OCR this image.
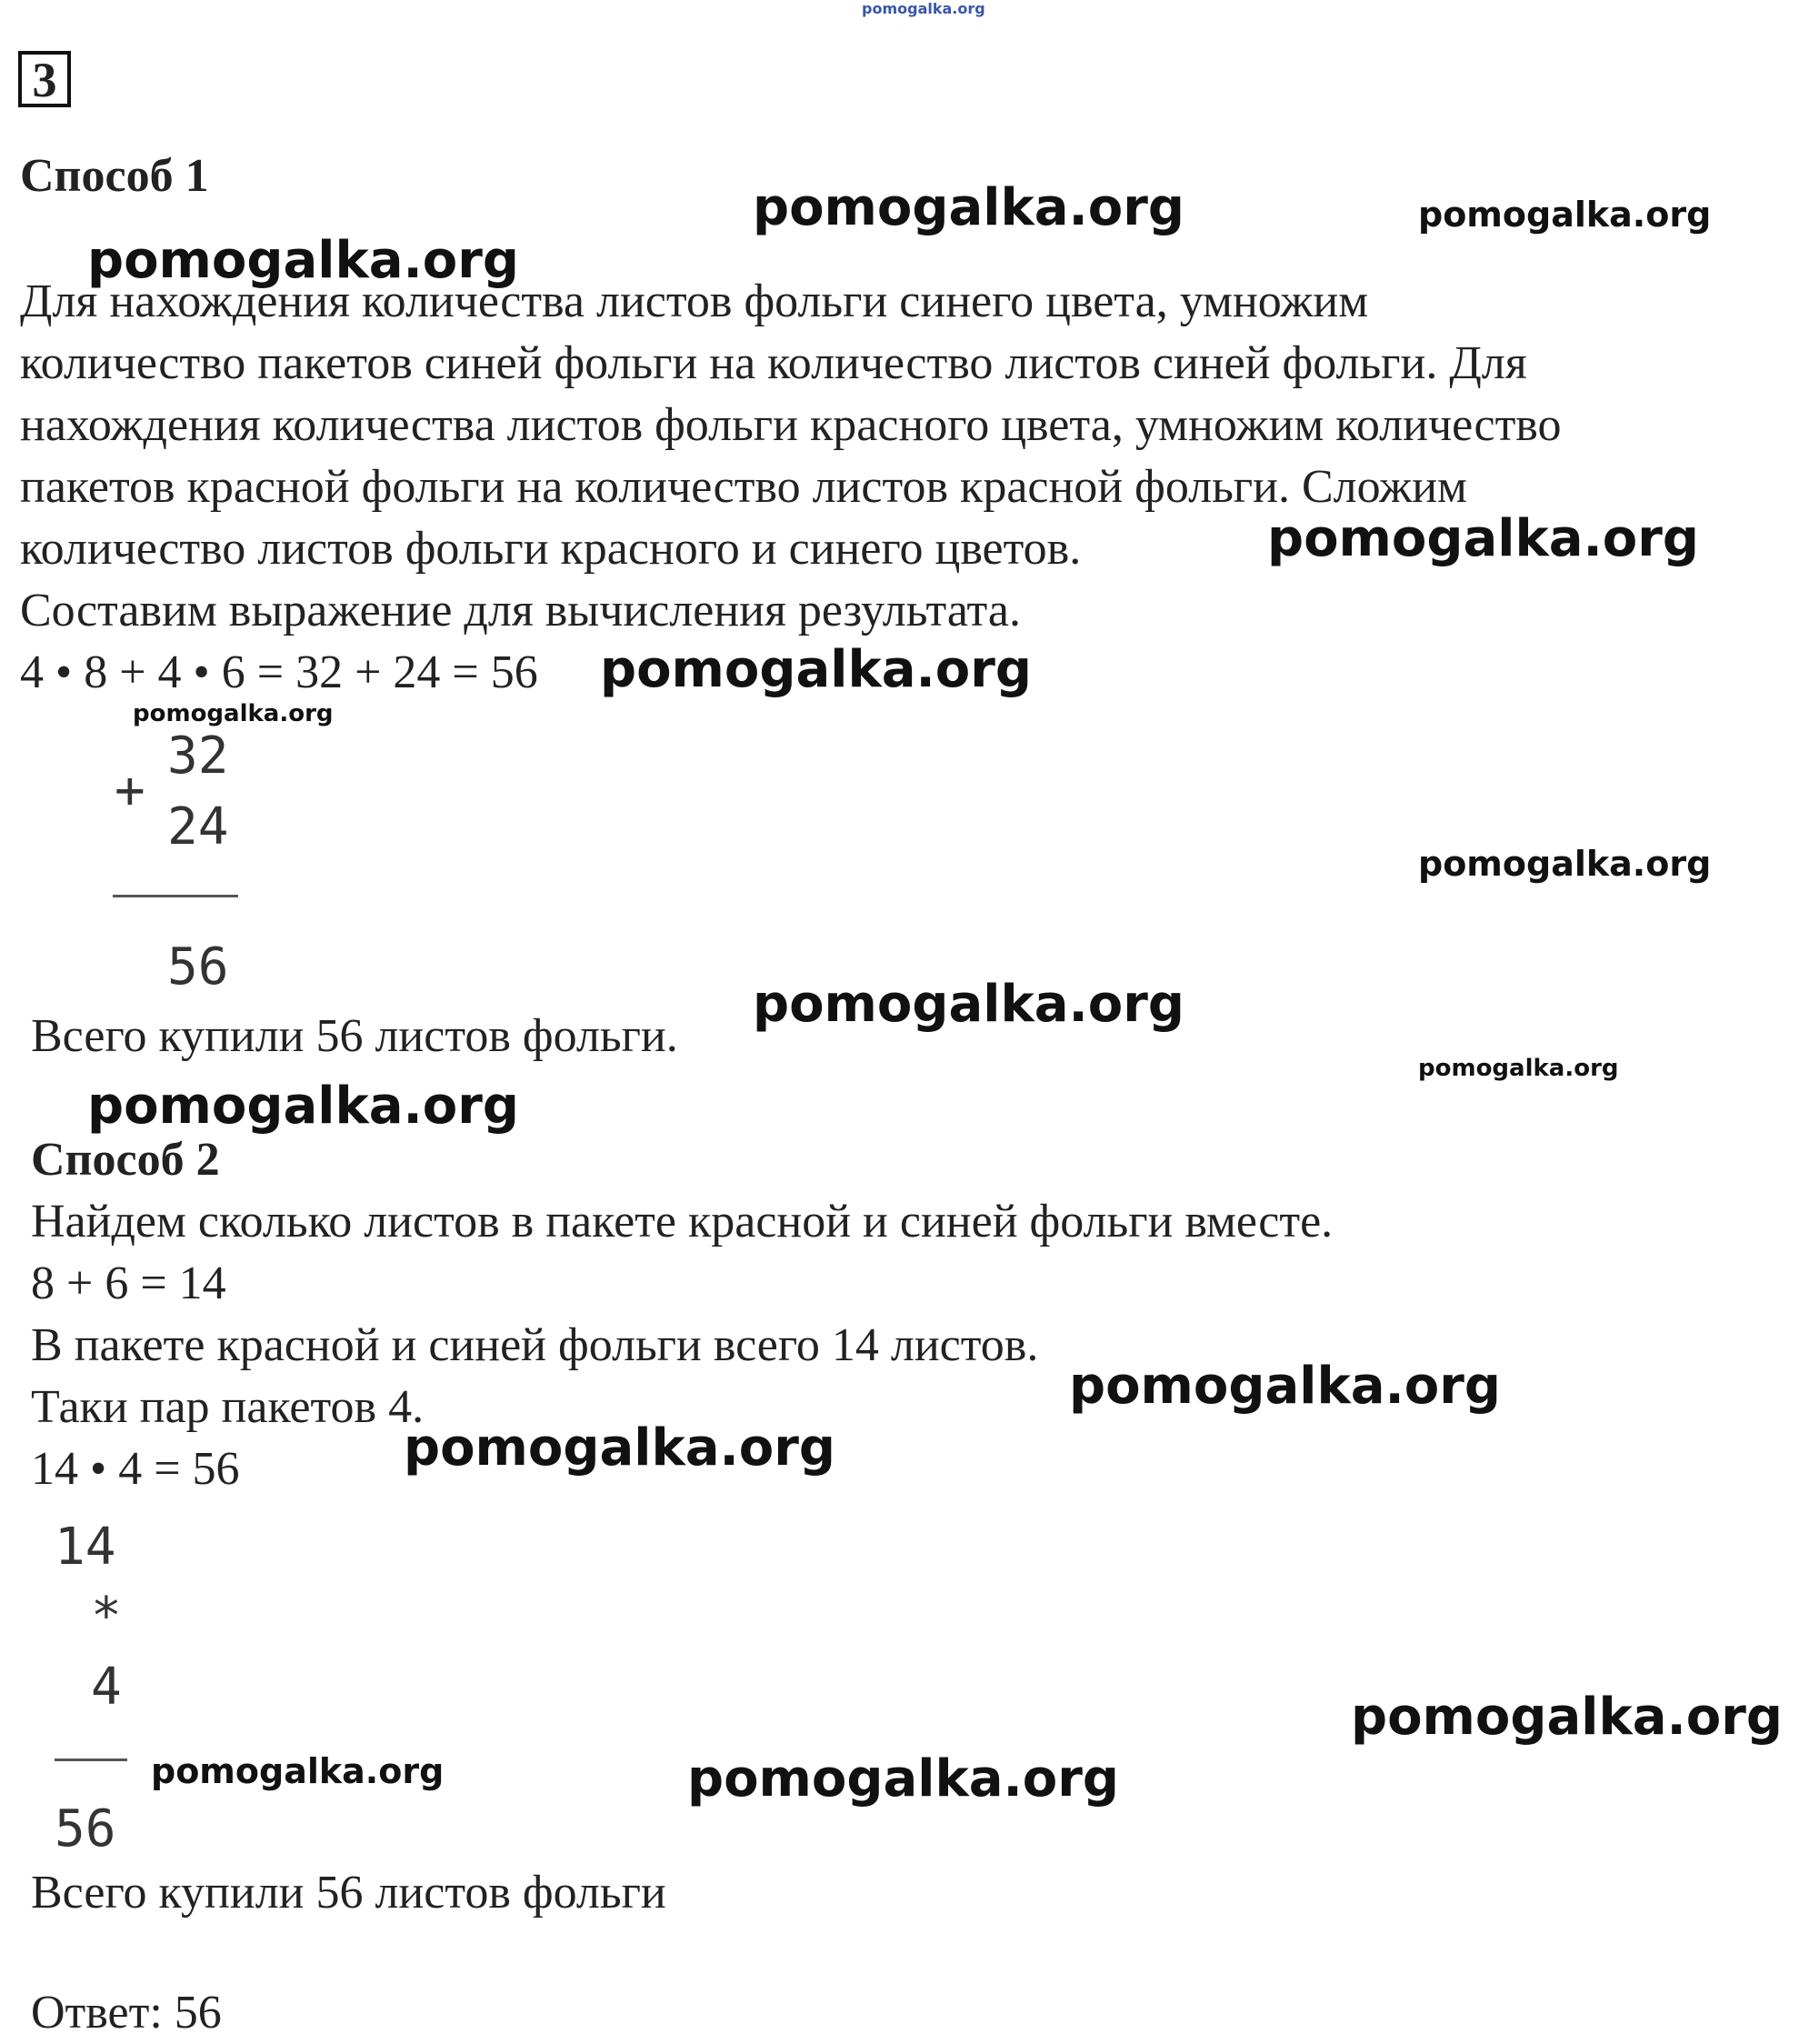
3
Способ 1
Для нахождения количества листов фольги синего цвета, умножим
количество пакетов синей фольги на количество листов синей фольги. Для
нахождения количества листов фольги красного цвета, умножим количество
пакетов красной фольги на количество листов красной фольги. Сложим
количество листов фольги красного и синего цветов.
Составим выражение для вычисления результата.
4 • 8 + 4 • 6 = 32 + 24 = 56
+
32
24
56
Всего купили 56 листов фольги.
Способ 2
Найдем сколько листов в пакете красной и синей фольги вместе.
8 + 6 = 14
В пакете красной и синей фольги всего 14 листов.
Таки пар пакетов 4.
14 • 4 = 56
14
*
4
56
Всего купили 56 листов фольги
Ответ: 56
pomogalka.org
pomogalka.org	pomogalka.org
pomogalka.org
pomogalka.org
pomogalka.org
pomogalka.org
pomogalka.org
pomogalka.org
pomogalka.org
pomogalka.org
pomogalka.org
pomogalka.org
pomogalka.org
pomogalka.org	pomogalka.org
